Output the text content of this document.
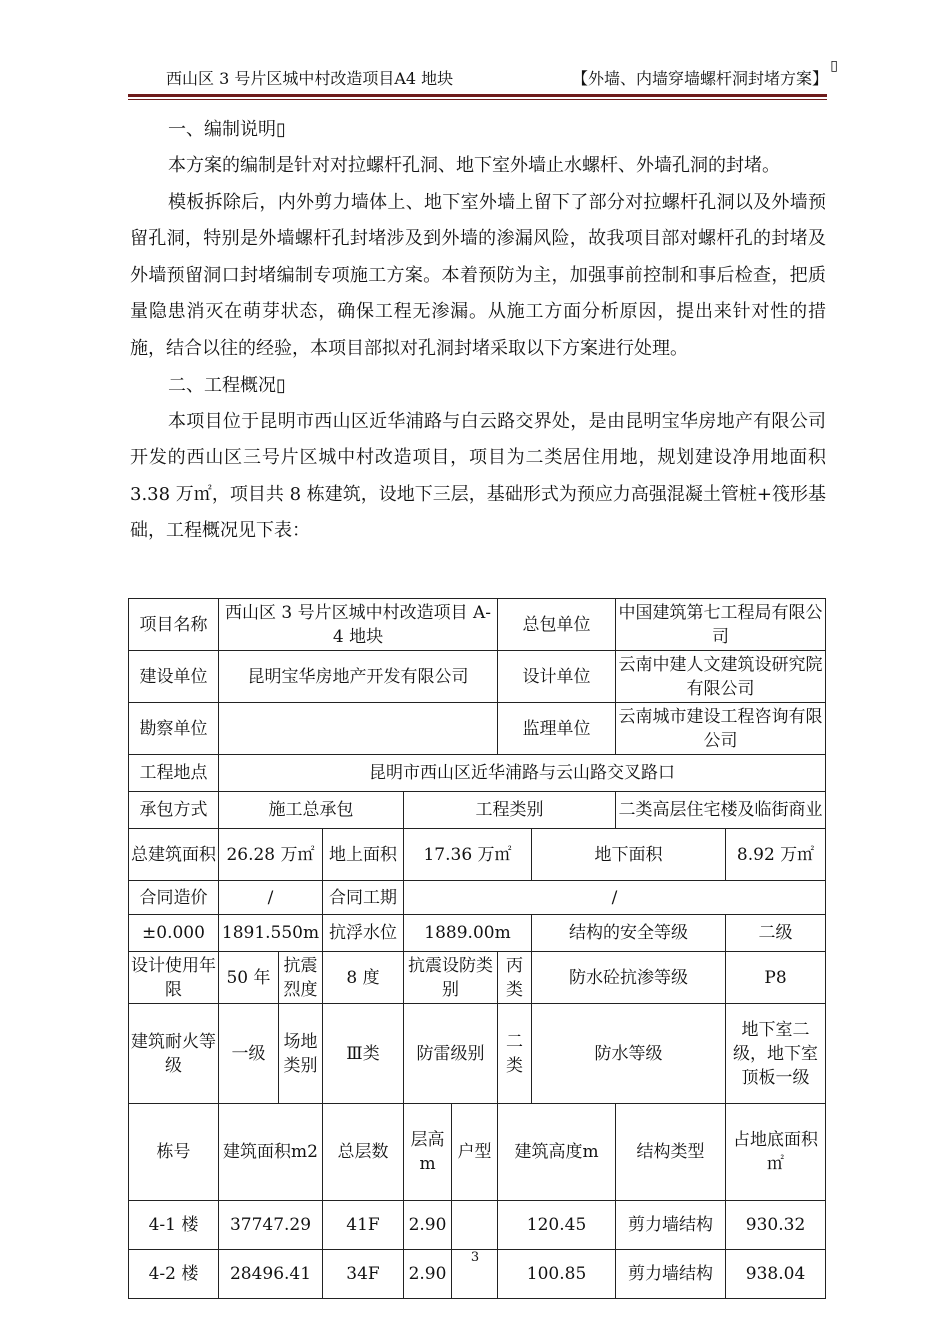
西山区 3 号片区城中村改造项目A4 地块	【外墙、内墙穿墙螺杆洞封堵方案】
▯

一、编制说明▯

本方案的编制是针对对拉螺杆孔洞、地下室外墙止水螺杆、外墙孔洞的封堵。

模板拆除后，内外剪力墙体上、地下室外墙上留下了部分对拉螺杆孔洞以及外墙预留孔洞，特别是外墙螺杆孔封堵涉及到外墙的渗漏风险，故我项目部对螺杆孔的封堵及外墙预留洞口封堵编制专项施工方案。本着预防为主，加强事前控制和事后检查，把质量隐患消灭在萌芽状态，确保工程无渗漏。从施工方面分析原因，提出来针对性的措施，结合以往的经验，本项目部拟对孔洞封堵采取以下方案进行处理。

二、工程概况▯

本项目位于昆明市西山区近华浦路与白云路交界处，是由昆明宝华房地产有限公司开发的西山区三号片区城中村改造项目，项目为二类居住用地，规划建设净用地面积 3.38 万㎡，项目共 8 栋建筑，设地下三层，基础形式为预应力高强混凝土管桩+筏形基础，工程概况见下表：

项目名称	西山区 3 号片区城中村改造项目 A-4 地块					总包单位		中国建筑第七工程局有限公司		
建设单位	昆明宝华房地产开发有限公司					设计单位		云南中建人文建筑设研究院有限公司		
勘察单位						监理单位		云南城市建设工程咨询有限公司		
工程地点	昆明市西山区近华浦路与云山路交叉路口									
承包方式	施工总承包			工程类别				二类高层住宅楼及临街商业		
总建筑面积	26.28 万㎡		地上面积	17.36 万㎡			地下面积		8.92 万㎡	
合同造价	/		合同工期	/						
±0.000	1891.550m		抗浮水位	1889.00m			结构的安全等级		二级	
设计使用年限	50 年	抗震烈度	8 度	抗震设防类别		丙类	防水砼抗渗等级		P8	
建筑耐火等级	一级	场地类别	Ⅲ类	防雷级别		二类	防水等级		地下室二级，地下室顶板一级	
栋号	建筑面积m2		总层数	层高m	户型	建筑高度m		结构类型	占地底面积㎡	
4-1 楼	37747.29		41F	2.90		120.45		剪力墙结构	930.32	
4-2 楼	28496.41		34F	2.90		100.85		剪力墙结构	938.04	
3
